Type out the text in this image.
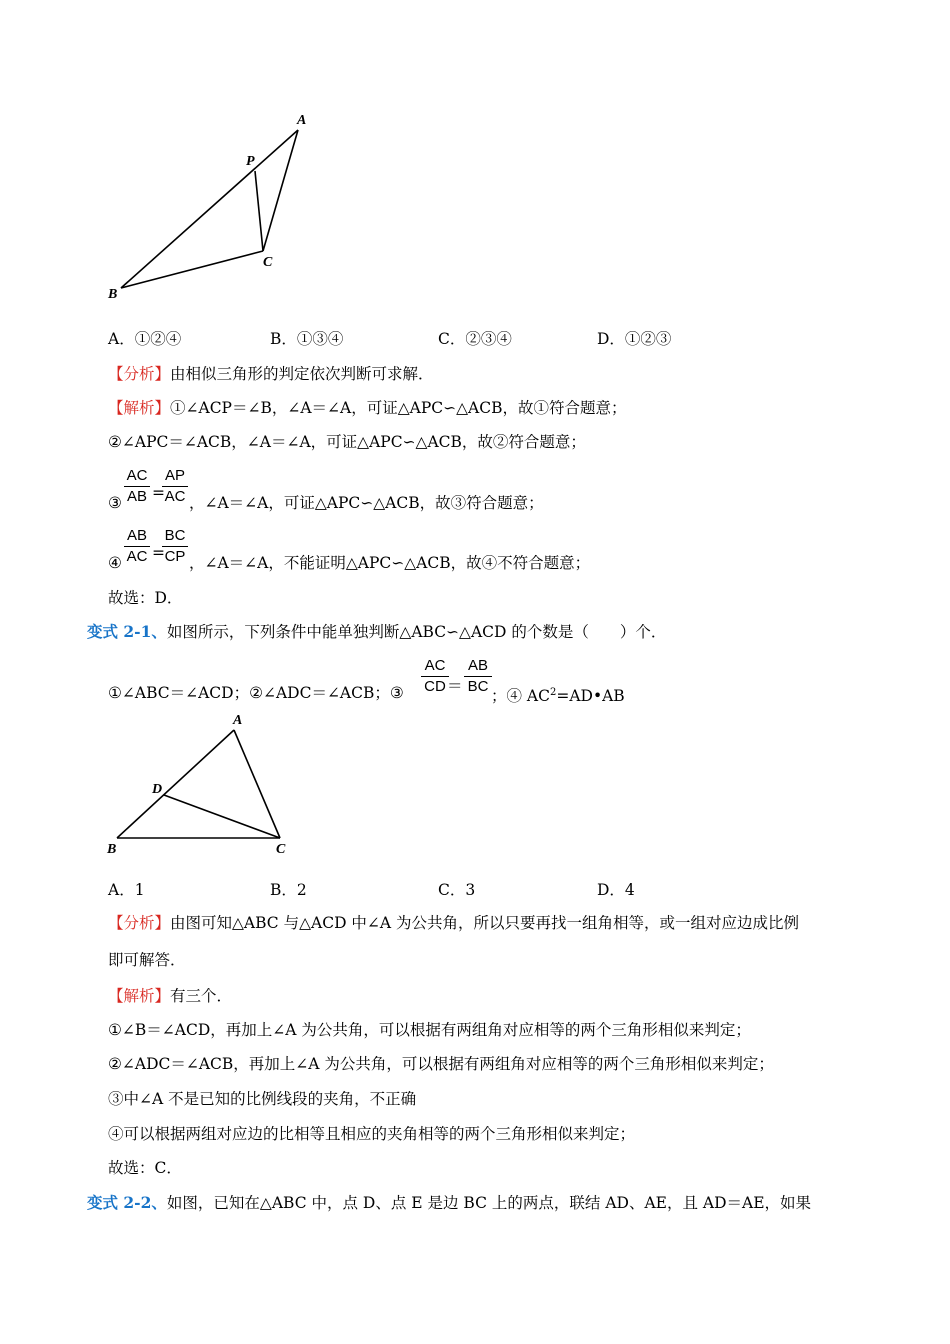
A
P
C
B
A．①②④	B．①③④	C．②③④	D．①②③
【分析】由相似三角形的判定依次判断可求解．
【解析】①∠ACP＝∠B，∠A＝∠A，可证△APC∽△ACB，故①符合题意；
②∠APC＝∠ACB，∠A＝∠A，可证△APC∽△ACB，故②符合题意；
③
AC
AB =
AP
AC ，∠A＝∠A，可证△APC∽△ACB，故③符合题意；
④
AB
AC =
BC
CP ，∠A＝∠A，不能证明△APC∽△ACB，故④不符合题意；
故选：D．
变式 2-1、如图所示，下列条件中能单独判断△ABC∽△ACD 的个数是（　　）个．
①∠ABC＝∠ACD；②∠ADC＝∠ACB；③
AC
CD ＝
AB
BC
；④ $AC^2=AD•AB$
A
D
B	C
A．1	B．2	C．3	D．4
【分析】由图可知△ABC 与△ACD 中∠A 为公共角，所以只要再找一组角相等，或一组对应边成比例
即可解答．
【解析】有三个．
①∠B＝∠ACD，再加上∠A 为公共角，可以根据有两组角对应相等的两个三角形相似来判定；
②∠ADC＝∠ACB，再加上∠A 为公共角，可以根据有两组角对应相等的两个三角形相似来判定；
③中∠A 不是已知的比例线段的夹角，不正确
④可以根据两组对应边的比相等且相应的夹角相等的两个三角形相似来判定；
故选：C．
变式 2-2、如图，已知在△ABC 中，点 D、点 E 是边 BC 上的两点，联结 AD、AE，且 AD＝AE，如果
